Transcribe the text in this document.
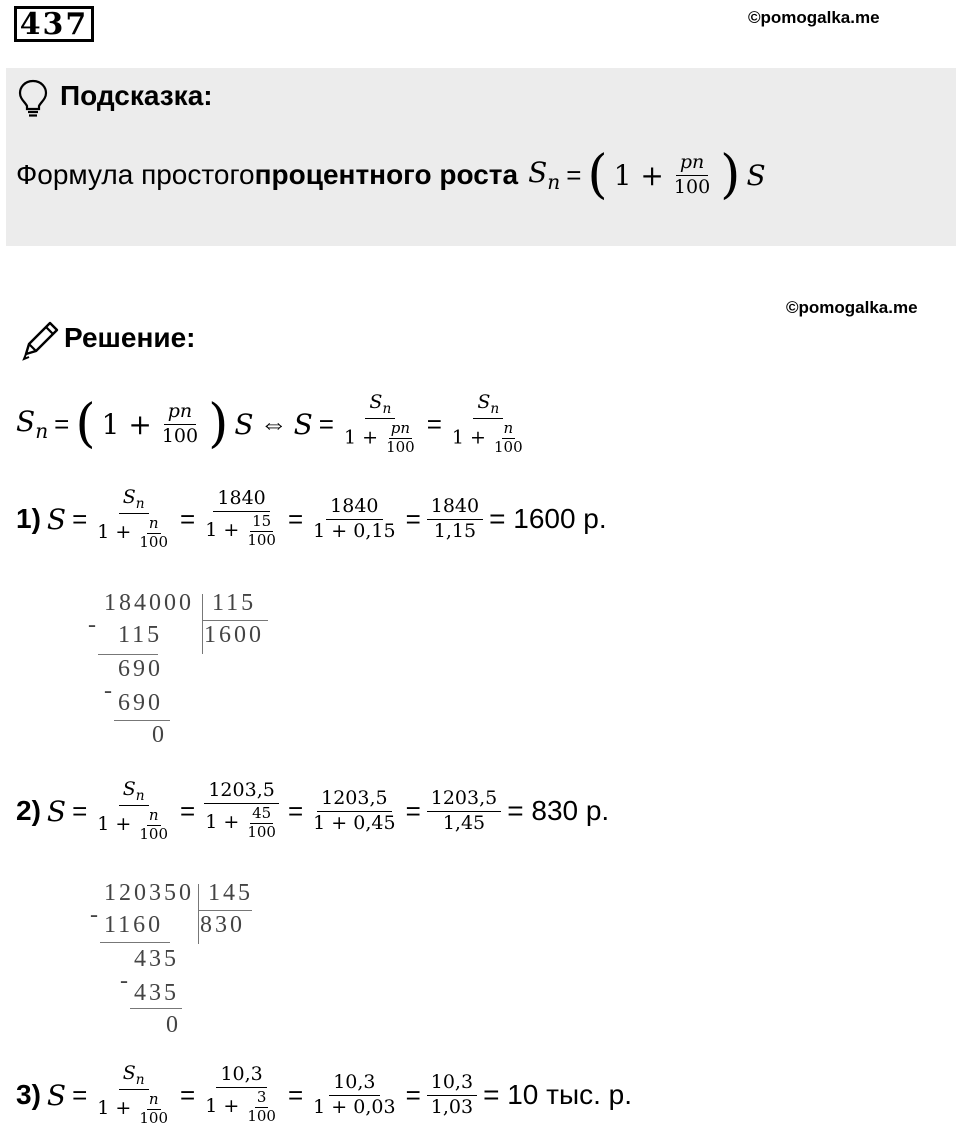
437	©pomogalka.me
Подсказка:
Формула простого процентного роста $S_n$ = ( $1 + \frac{pn}{100}$ ) S
©pomogalka.me
Решение:
$S_n$ = ( $1 + \frac{pn}{100}$ ) S ⇔ $S = \frac{S_n}{1 + \frac{pn}{100}} = \frac{S_n}{1 + \frac{n}{100}}$
1) $S = \frac{S_n}{1 + \frac{n}{100}} = \frac{1840}{1 + \frac{15}{100}} = \frac{1840}{1 + 0,15} = \frac{1840}{1,15} = 1600$ р.
2) $S = \frac{S_n}{1 + \frac{n}{100}} = \frac{1203,5}{1 + \frac{45}{100}} = \frac{1203,5}{1 + 0,45} = \frac{1203,5}{1,45} = 830$ р.
3) $S = \frac{S_n}{1 + \frac{n}{100}} = \frac{10,3}{1 + \frac{3}{100}} = \frac{10,3}{1 + 0,03} = \frac{10,3}{1,03} = 10$ тыс. р.
184000 115
1600
- 115
690
- 690
0
120350 145
830
- 1160
435
- 435
0
